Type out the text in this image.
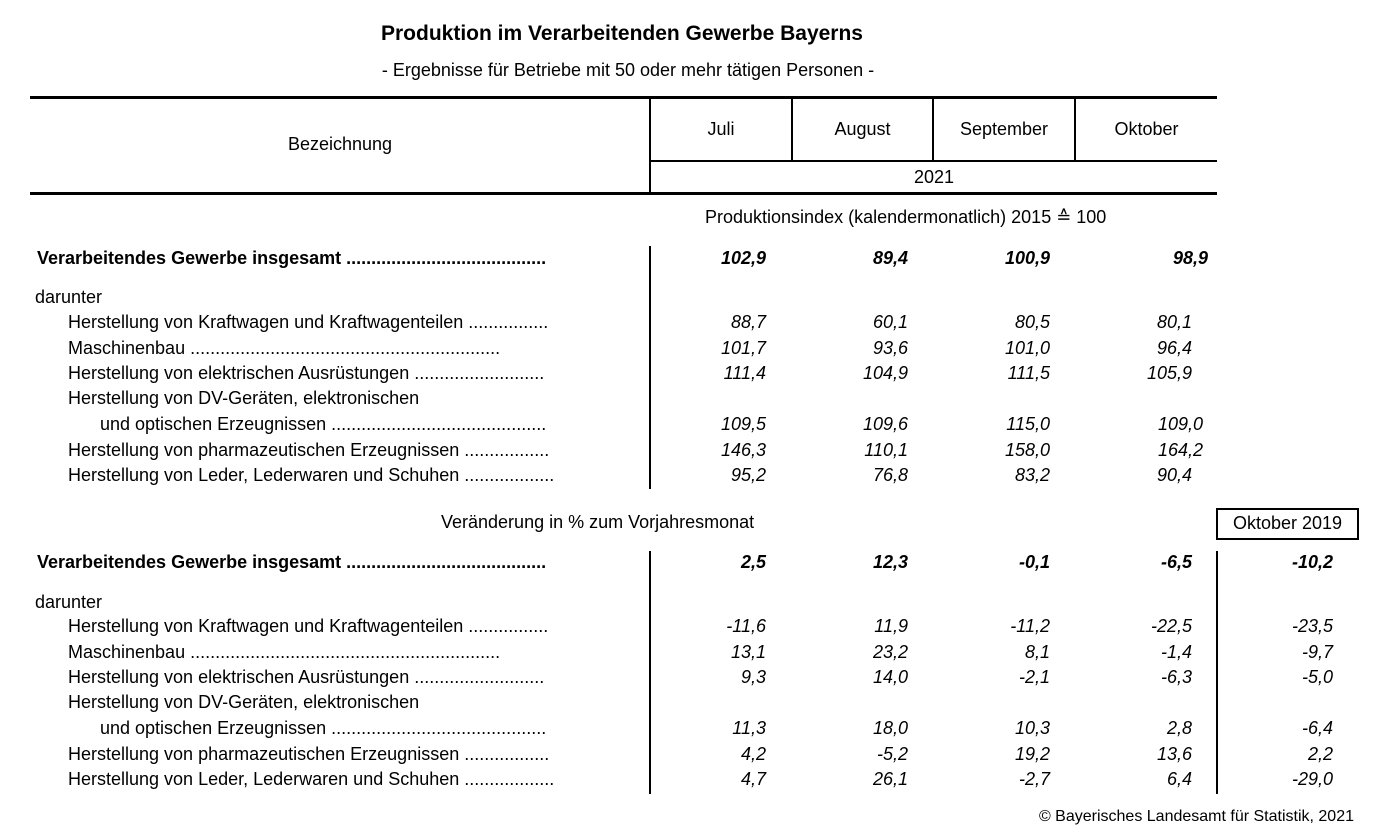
Produktion im Verarbeitenden Gewerbe Bayerns
- Ergebnisse für Betriebe mit 50 oder mehr tätigen Personen -
Bezeichnung
Juli	August	September	Oktober
2021
Produktionsindex (kalendermonatlich) 2015 ≙ 100
Verarbeitendes Gewerbe insgesamt ........................................	102,9	89,4	100,9	98,9
darunter
Herstellung von Kraftwagen und Kraftwagenteilen ................	88,7	60,1	80,5	80,1
Maschinenbau ..............................................................	101,7	93,6	101,0	96,4
Herstellung von elektrischen Ausrüstungen ..........................	111,4	104,9	111,5	105,9
Herstellung von DV-Geräten, elektronischen
und optischen Erzeugnissen ...........................................	109,5	109,6	115,0	109,0
Herstellung von pharmazeutischen Erzeugnissen .................	146,3	110,1	158,0	164,2
Herstellung von Leder, Lederwaren und Schuhen ..................	95,2	76,8	83,2	90,4
Veränderung in % zum Vorjahresmonat	Oktober 2019
Verarbeitendes Gewerbe insgesamt ........................................	2,5	12,3	-0,1	-6,5	-10,2
darunter
Herstellung von Kraftwagen und Kraftwagenteilen ................	-11,6	11,9	-11,2	-22,5	-23,5
Maschinenbau ..............................................................	13,1	23,2	8,1	-1,4	-9,7
Herstellung von elektrischen Ausrüstungen ..........................	9,3	14,0	-2,1	-6,3	-5,0
Herstellung von DV-Geräten, elektronischen
und optischen Erzeugnissen ...........................................	11,3	18,0	10,3	2,8	-6,4
Herstellung von pharmazeutischen Erzeugnissen .................	4,2	-5,2	19,2	13,6	2,2
Herstellung von Leder, Lederwaren und Schuhen ..................	4,7	26,1	-2,7	6,4	-29,0
© Bayerisches Landesamt für Statistik, 2021
